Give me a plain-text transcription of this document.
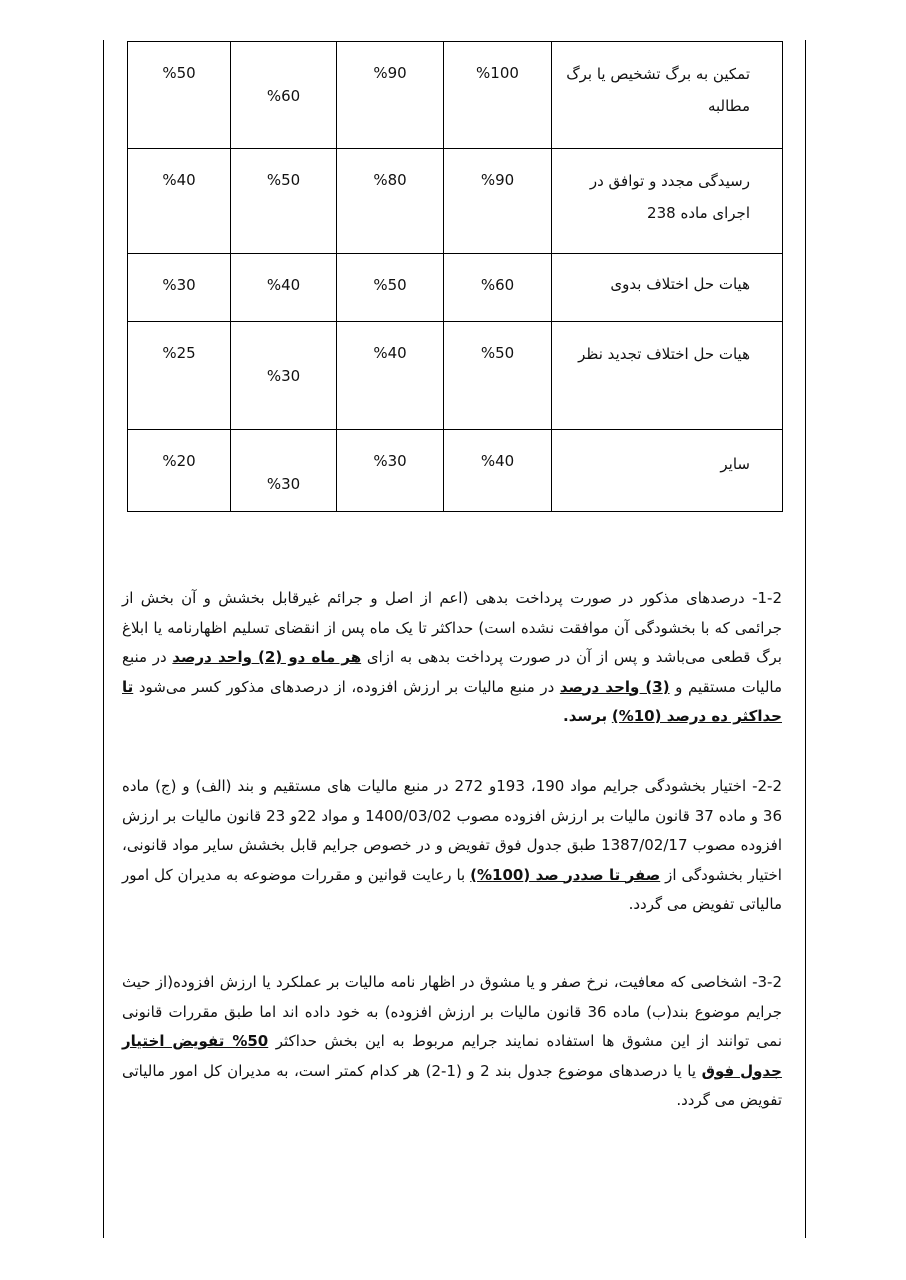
%50	%60	%90	%100	تمکین به برگ تشخیص یا برگ مطالبه

%40	%50	%80	%90	رسیدگی مجدد و توافق در اجرای ماده 238

%30	%40	%50	%60	هیات حل اختلاف بدوی

%25	%30	%40	%50	هیات حل اختلاف تجدید نظر

%20	%30	%30	%40	سایر

1-2- درصدهای مذکور در صورت پرداخت بدهی (اعم از اصل و جرائم غیرقابل بخشش و آن بخش از جرائمی که با بخشودگی آن موافقت نشده است) حداکثر تا یک ماه پس از انقضای تسلیم اظهارنامه یا ابلاغ برگ قطعی می‌باشد و پس از آن در صورت پرداخت بدهی به ازای هر ماه دو (2) واحد درصد در منبع مالیات مستقیم و (3) واحد درصد در منبع مالیات بر ارزش افزوده، از درصدهای مذکور کسر می‌شود تا حداکثر ده درصد (10%) برسد.

2-2- اختیار بخشودگی جرایم مواد 190، 193و 272 در منبع مالیات های مستقیم و بند (الف) و (ج) ماده 36 و ماده 37 قانون مالیات بر ارزش افزوده مصوب 1400/03/02 و مواد 22و 23 قانون مالیات بر ارزش افزوده مصوب 1387/02/17 طبق جدول فوق تفویض و در خصوص جرایم قابل بخشش سایر مواد قانونی، اختیار بخشودگی از صفر تا صددر صد (100%) با رعایت قوانین و مقررات موضوعه به مدیران کل امور مالیاتی تفویض می گردد.

3-2- اشخاصی که معافیت، نرخ صفر و یا مشوق در اظهار نامه مالیات بر عملکرد یا ارزش افزوده(از حیث جرایم موضوع بند(ب) ماده 36 قانون مالیات بر ارزش افزوده) به خود داده اند اما طبق مقررات قانونی نمی توانند از این مشوق ها استفاده نمایند جرایم مربوط به این بخش حداکثر 50% تفویض اختیار جدول فوق یا یا درصدهای موضوع جدول بند 2 و (1-2) هر کدام کمتر است، به مدیران کل امور مالیاتی تفویض می گردد.
